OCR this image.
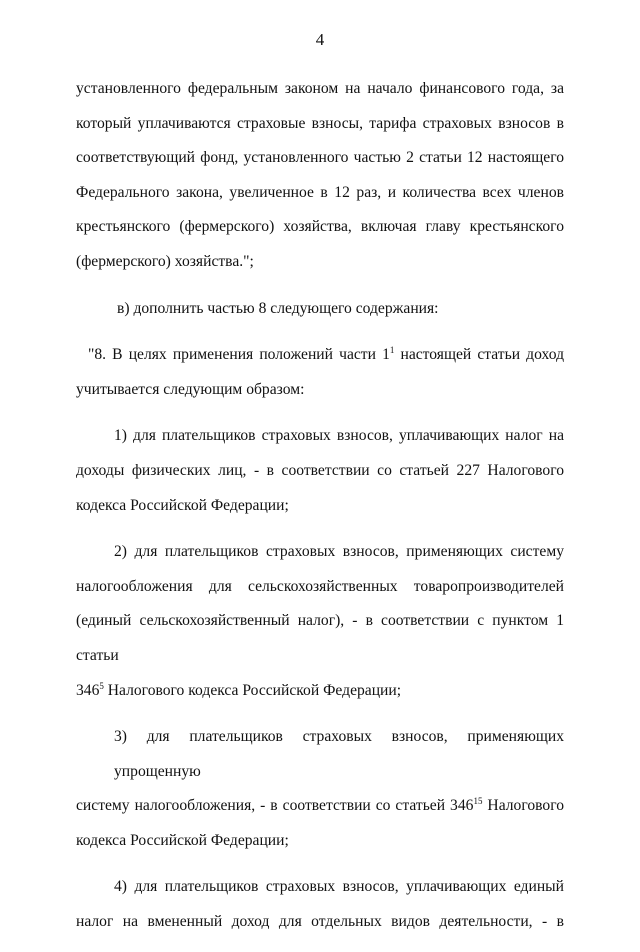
4

установленного федеральным законом на начало финансового года, за
который уплачиваются страховые взносы, тарифа страховых взносов в
соответствующий фонд, установленного частью 2 статьи 12 настоящего
Федерального закона, увеличенное в 12 раз, и количества всех членов
крестьянского (фермерского) хозяйства, включая главу крестьянского
(фермерского) хозяйства.";

в) дополнить частью 8 следующего содержания:

"8. В целях применения положений части $1^1$ настоящей статьи доход
учитывается следующим образом:

1) для плательщиков страховых взносов, уплачивающих налог на
доходы физических лиц, - в соответствии со статьей 227 Налогового
кодекса Российской Федерации;

2) для плательщиков страховых взносов, применяющих систему
налогообложения для сельскохозяйственных товаропроизводителей
(единый сельскохозяйственный налог), - в соответствии с пунктом 1 статьи
$346^5$ Налогового кодекса Российской Федерации;

3) для плательщиков страховых взносов, применяющих упрощенную
систему налогообложения, - в соответствии со статьей $346^{15}$ Налогового
кодекса Российской Федерации;

4) для плательщиков страховых взносов, уплачивающих единый
налог на вмененный доход для отдельных видов деятельности, - в
